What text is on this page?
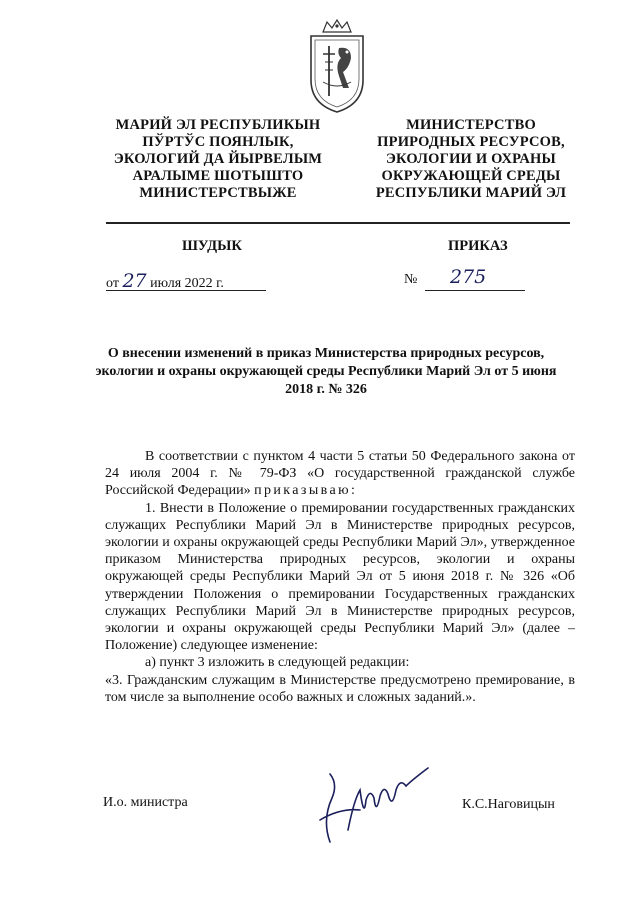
МАРИЙ ЭЛ РЕСПУБЛИКЫН
ПЎРТЎС ПОЯНЛЫК,
ЭКОЛОГИЙ ДА ЙЫРВЕЛЫМ
АРАЛЫМЕ ШОТЫШТО
МИНИСТЕРСТВЫЖЕ
МИНИСТЕРСТВО
ПРИРОДНЫХ РЕСУРСОВ,
ЭКОЛОГИИ И ОХРАНЫ
ОКРУЖАЮЩЕЙ СРЕДЫ
РЕСПУБЛИКИ МАРИЙ ЭЛ
ШУДЫК	ПРИКАЗ
от 27 июля 2022 г.	№ 275
О внесении изменений в приказ Министерства природных ресурсов, экологии и охраны окружающей среды Республики Марий Эл от 5 июня 2018 г. № 326

В соответствии с пунктом 4 части 5 статьи 50 Федерального закона от 24 июля 2004 г. № 79-ФЗ «О государственной гражданской службе Российской Федерации» приказываю:

1. Внести в Положение о премировании государственных гражданских служащих Республики Марий Эл в Министерстве природных ресурсов, экологии и охраны окружающей среды Республики Марий Эл», утвержденное приказом Министерства природных ресурсов, экологии и охраны окружающей среды Республики Марий Эл от 5 июня 2018 г. № 326 «Об утверждении Положения о премировании Государственных гражданских служащих Республики Марий Эл в Министерстве природных ресурсов, экологии и охраны окружающей среды Республики Марий Эл» (далее – Положение) следующее изменение:

а) пункт 3 изложить в следующей редакции:

«3. Гражданским служащим в Министерстве предусмотрено премирование, в том числе за выполнение особо важных и сложных заданий.».

И.о. министра	К.С.Наговицын
